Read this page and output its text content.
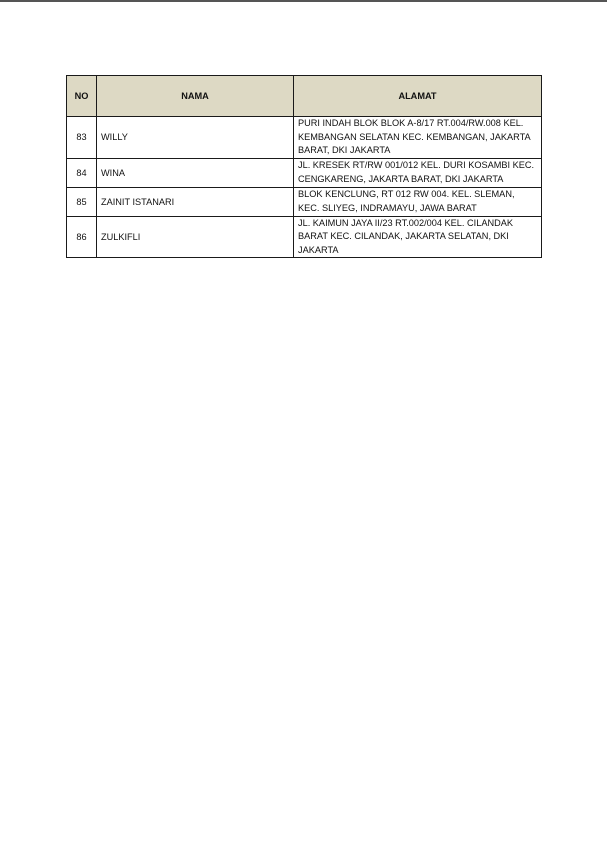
NO	NAMA	ALAMAT
83	WILLY	PURI INDAH BLOK BLOK A-8/17 RT.004/RW.008 KEL. KEMBANGAN SELATAN KEC. KEMBANGAN, JAKARTA BARAT, DKI JAKARTA
84	WINA	JL. KRESEK RT/RW 001/012 KEL. DURI KOSAMBI KEC. CENGKARENG, JAKARTA BARAT, DKI JAKARTA
85	ZAINIT ISTANARI	BLOK KENCLUNG, RT 012 RW 004. KEL. SLEMAN, KEC. SLIYEG, INDRAMAYU, JAWA BARAT
86	ZULKIFLI	JL. KAIMUN JAYA II/23 RT.002/004 KEL. CILANDAK BARAT KEC. CILANDAK, JAKARTA SELATAN, DKI JAKARTA
